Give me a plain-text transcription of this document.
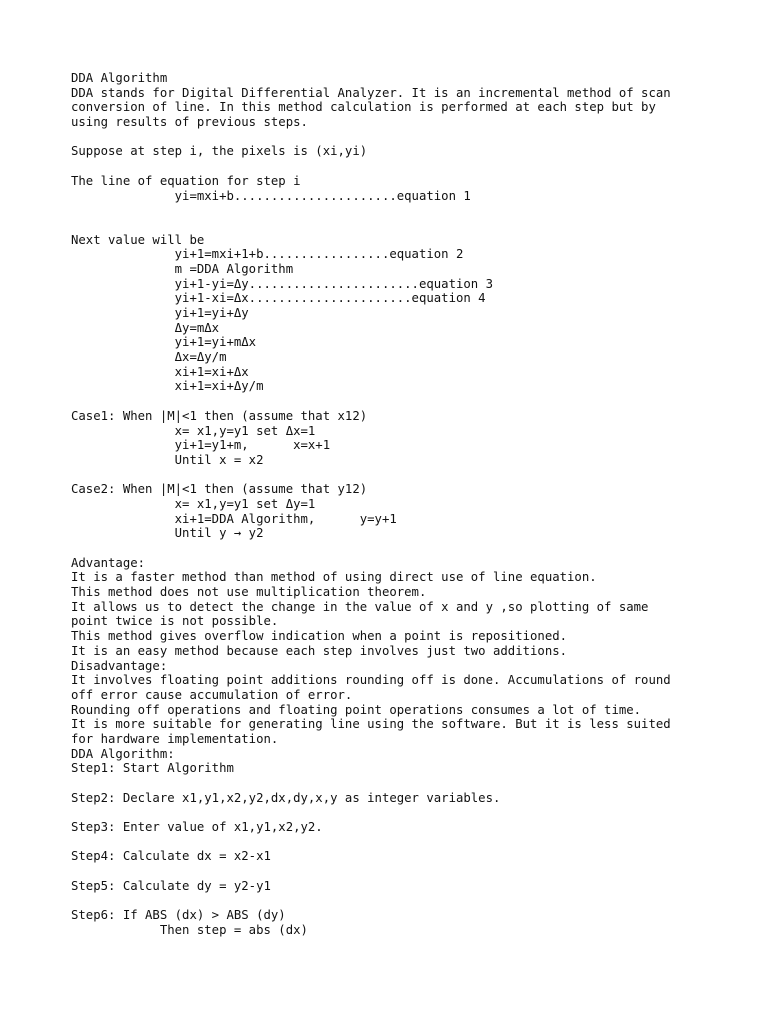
DDA Algorithm
DDA stands for Digital Differential Analyzer. It is an incremental method of scan
conversion of line. In this method calculation is performed at each step but by
using results of previous steps.
Suppose at step i, the pixels is (xi,yi)
The line of equation for step i
yi=mxi+b......................equation 1
Next value will be
yi+1=mxi+1+b.................equation 2
m =DDA Algorithm
yi+1-yi=Δy.......................equation 3
yi+1-xi=Δx......................equation 4
yi+1=yi+Δy
Δy=mΔx
yi+1=yi+mΔx
Δx=Δy/m
xi+1=xi+Δx
xi+1=xi+Δy/m
Case1: When |M|<1 then (assume that x12)
x= x1,y=y1 set Δx=1
yi+1=y1+m,      x=x+1
Until x = x2
Case2: When |M|<1 then (assume that y12)
x= x1,y=y1 set Δy=1
xi+1=DDA Algorithm,      y=y+1
Until y → y2
Advantage:
It is a faster method than method of using direct use of line equation.
This method does not use multiplication theorem.
It allows us to detect the change in the value of x and y ,so plotting of same
point twice is not possible.
This method gives overflow indication when a point is repositioned.
It is an easy method because each step involves just two additions.
Disadvantage:
It involves floating point additions rounding off is done. Accumulations of round
off error cause accumulation of error.
Rounding off operations and floating point operations consumes a lot of time.
It is more suitable for generating line using the software. But it is less suited
for hardware implementation.
DDA Algorithm:
Step1: Start Algorithm
Step2: Declare x1,y1,x2,y2,dx,dy,x,y as integer variables.
Step3: Enter value of x1,y1,x2,y2.
Step4: Calculate dx = x2-x1
Step5: Calculate dy = y2-y1
Step6: If ABS (dx) > ABS (dy)
Then step = abs (dx)
